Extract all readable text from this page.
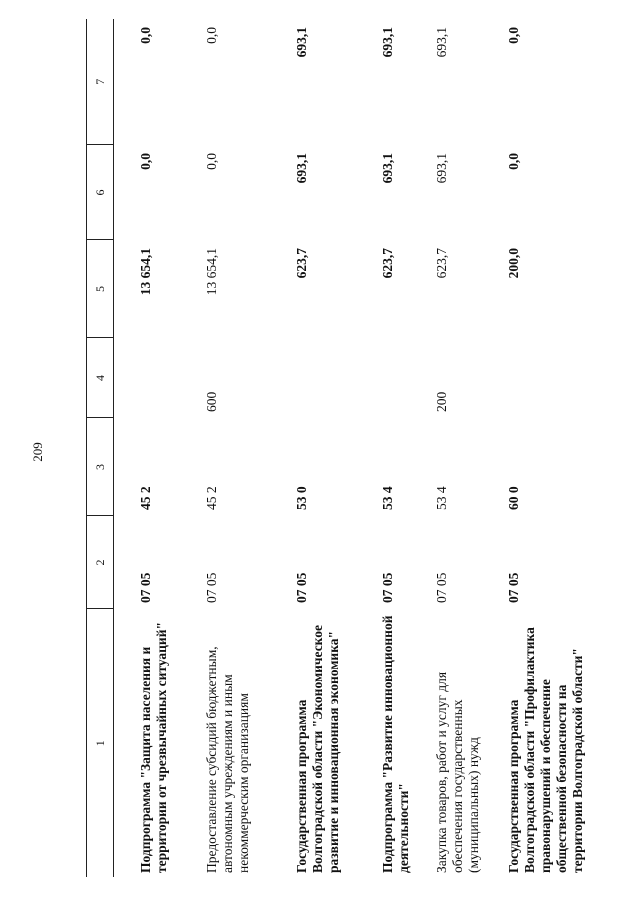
209
1	2	3	4	5	6	7
Подпрограмма "Защита населения и территории от чрезвычайных ситуаций"	07 05	45 2		13 654,1	0,0	0,0
Предоставление субсидий бюджетным, автономным учреждениям и иным некоммерческим организациям	07 05	45 2	600	13 654,1	0,0	0,0
Государственная программа Волгоградской области "Экономическое развитие и инновационная экономика"	07 05	53 0		623,7	693,1	693,1
Подпрограмма "Развитие инновационной деятельности"	07 05	53 4		623,7	693,1	693,1
Закупка товаров, работ и услуг для обеспечения государственных (муниципальных) нужд	07 05	53 4	200	623,7	693,1	693,1
Государственная программа Волгоградской области "Профилактика правонарушений и обеспечение общественной безопасности на территории Волгоградской области"	07 05	60 0		200,0	0,0	0,0
